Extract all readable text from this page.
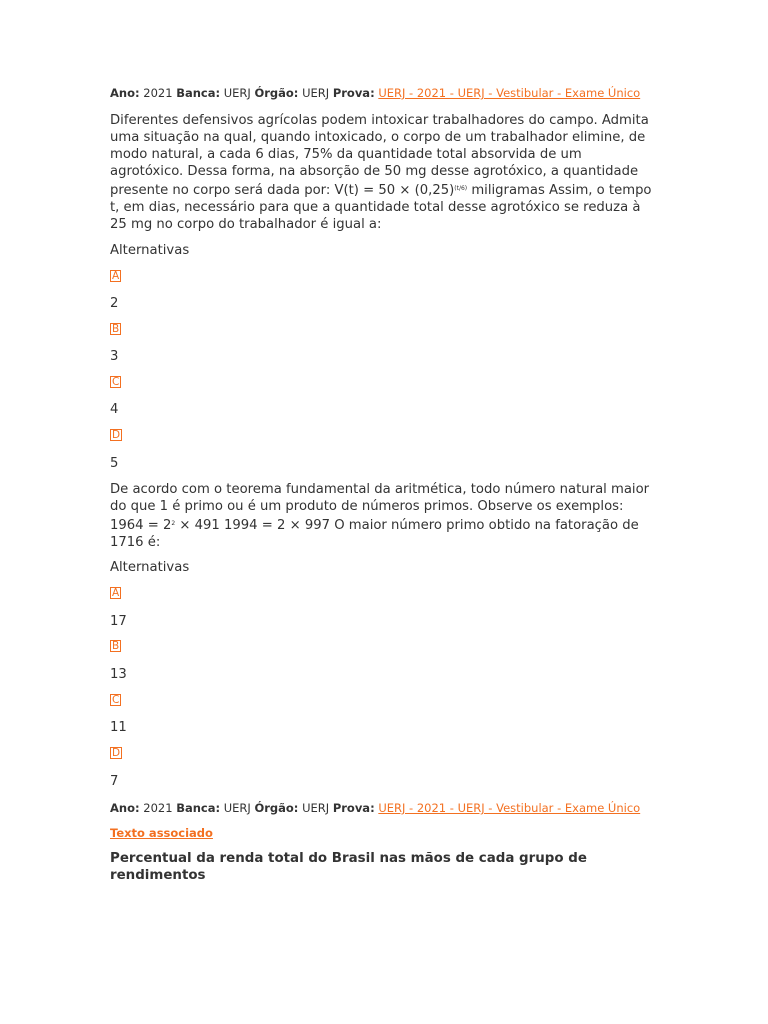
Ano: 2021 Banca: UERJ Órgão: UERJ Prova: UERJ - 2021 - UERJ - Vestibular - Exame Único
Diferentes defensivos agrícolas podem intoxicar trabalhadores do campo. Admita uma situação na qual, quando intoxicado, o corpo de um trabalhador elimine, de modo natural, a cada 6 dias, 75% da quantidade total absorvida de um agrotóxico. Dessa forma, na absorção de 50 mg desse agrotóxico, a quantidade presente no corpo será dada por: $V(t) = 50 \times (0,25)^{(t/6)}$ miligramas Assim, o tempo t, em dias, necessário para que a quantidade total desse agrotóxico se reduza à 25 mg no corpo do trabalhador é igual a:
Alternativas
A
2
B
3
C
4
D
5
De acordo com o teorema fundamental da aritmética, todo número natural maior do que 1 é primo ou é um produto de números primos. Observe os exemplos: $1964 = 2^2 \times 491$ 1994 = 2 × 997 O maior número primo obtido na fatoração de 1716 é:
Alternativas
A
17
B
13
C
11
D
7
Ano: 2021 Banca: UERJ Órgão: UERJ Prova: UERJ - 2021 - UERJ - Vestibular - Exame Único
Texto associado
Percentual da renda total do Brasil nas mãos de cada grupo de rendimentos
